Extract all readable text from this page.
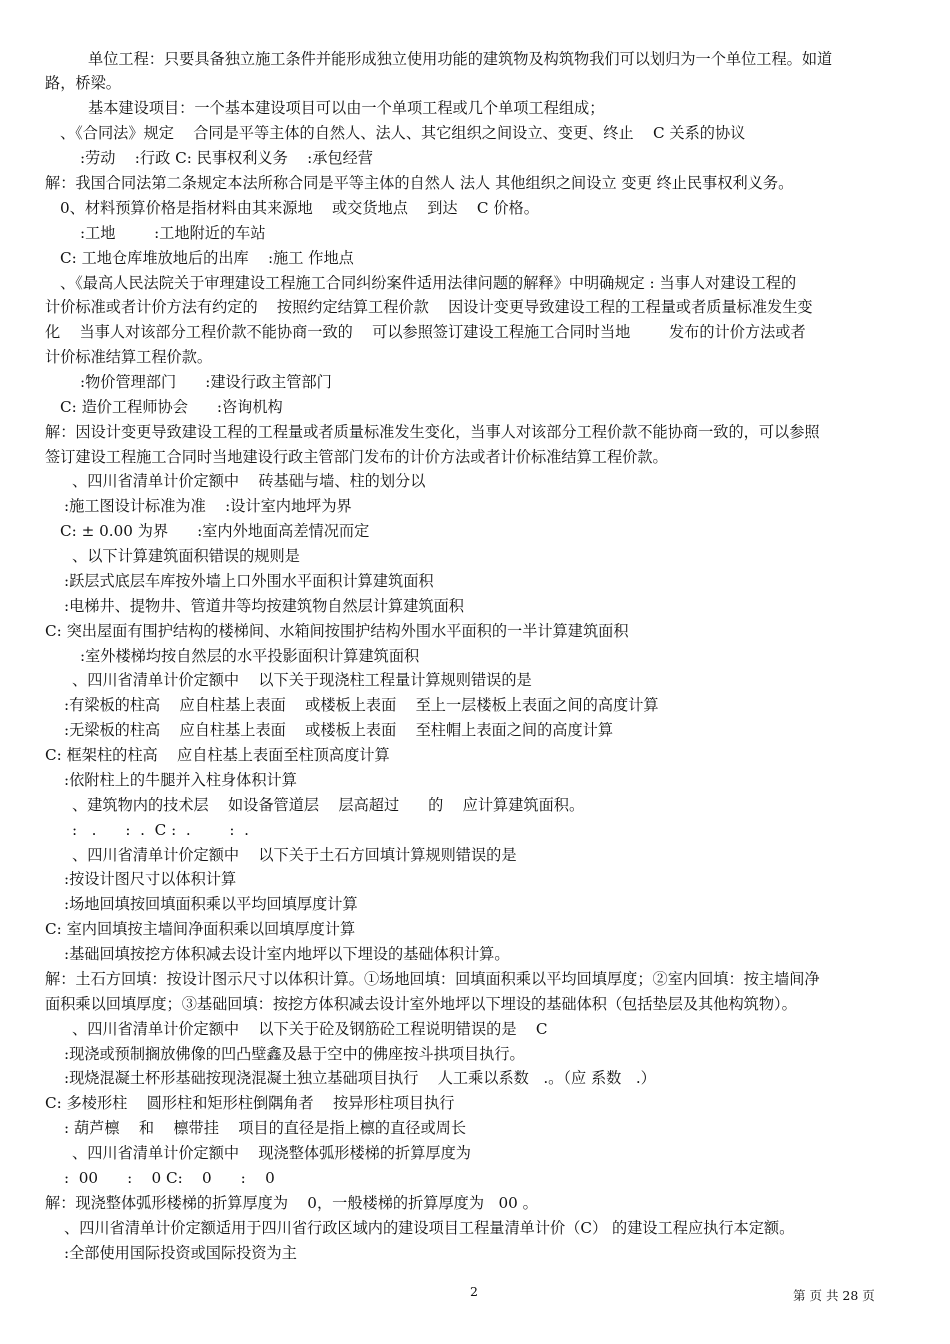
单位工程：只要具备独立施工条件并能形成独立使用功能的建筑物及构筑物我们可以划归为一个单位工程。如道
路，桥梁。
基本建设项目：一个基本建设项目可以由一个单项工程或几个单项工程组成；
、《合同法》规定    合同是平等主体的自然人、法人、其它组织之间设立、变更、终止    C 关系的协议
:劳动    :行政 C: 民事权利义务    :承包经营
解：我国合同法第二条规定本法所称合同是平等主体的自然人 法人 其他组织之间设立 变更 终止民事权利义务。
0、材料预算价格是指材料由其来源地    或交货地点    到达    C 价格。
:工地        :工地附近的车站
C: 工地仓库堆放地后的出库    :施工 作地点
、《最高人民法院关于审理建设工程施工合同纠纷案件适用法律问题的解释》中明确规定 : 当事人对建设工程的
计价标准或者计价方法有约定的    按照约定结算工程价款    因设计变更导致建设工程的工程量或者质量标准发生变
化    当事人对该部分工程价款不能协商一致的    可以参照签订建设工程施工合同时当地        发布的计价方法或者
计价标准结算工程价款。
:物价管理部门      :建设行政主管部门
C: 造价工程师协会      :咨询机构
解：因设计变更导致建设工程的工程量或者质量标准发生变化，当事人对该部分工程价款不能协商一致的，可以参照
签订建设工程施工合同时当地建设行政主管部门发布的计价方法或者计价标准结算工程价款。
、四川省清单计价定额中    砖基础与墙、柱的划分以
:施工图设计标准为准    :设计室内地坪为界
C: ± 0.00 为界      :室内外地面高差情况而定
、以下计算建筑面积错误的规则是
:跃层式底层车库按外墙上口外围水平面积计算建筑面积
:电梯井、提物井、管道井等均按建筑物自然层计算建筑面积
C: 突出屋面有围护结构的楼梯间、水箱间按围护结构外围水平面积的一半计算建筑面积
:室外楼梯均按自然层的水平投影面积计算建筑面积
、四川省清单计价定额中    以下关于现浇柱工程量计算规则错误的是
:有梁板的柱高    应自柱基上表面    或楼板上表面    至上一层楼板上表面之间的高度计算
:无梁板的柱高    应自柱基上表面    或楼板上表面    至柱帽上表面之间的高度计算
C: 框架柱的柱高    应自柱基上表面至柱顶高度计算
:依附柱上的牛腿并入柱身体积计算
、建筑物内的技术层    如设备管道层    层高超过      的    应计算建筑面积。
:   .      :  .  C :  .        :  .
、四川省清单计价定额中    以下关于土石方回填计算规则错误的是
:按设计图尺寸以体积计算
:场地回填按回填面积乘以平均回填厚度计算
C: 室内回填按主墙间净面积乘以回填厚度计算
:基础回填按挖方体积减去设计室内地坪以下埋设的基础体积计算。
解：土石方回填：按设计图示尺寸以体积计算。①场地回填：回填面积乘以平均回填厚度；②室内回填：按主墙间净
面积乘以回填厚度；③基础回填：按挖方体积减去设计室外地坪以下埋设的基础体积（包括垫层及其他构筑物）。
、四川省清单计价定额中    以下关于砼及钢筋砼工程说明错误的是    C
:现浇或预制搁放佛像的凹凸壁鑫及悬于空中的佛座按斗拱项目执行。
:现烧混凝土杯形基础按现浇混凝土独立基础项目执行    人工乘以系数   .。（应 系数   .）
C: 多棱形柱    圆形柱和矩形柱倒隅角者    按异形柱项目执行
: 葫芦檩    和    檩带挂    项目的直径是指上檩的直径或周长
、四川省清单计价定额中    现浇整体弧形楼梯的折算厚度为
:  00      :    0 C:    0      :    0
解：现浇整体弧形楼梯的折算厚度为    0，一般楼梯的折算厚度为   00 。
、四川省清单计价定额适用于四川省行政区域内的建设项目工程量清单计价（C） 的建设工程应执行本定额。
:全部使用国际投资或国际投资为主
2	第 页 共 28 页
